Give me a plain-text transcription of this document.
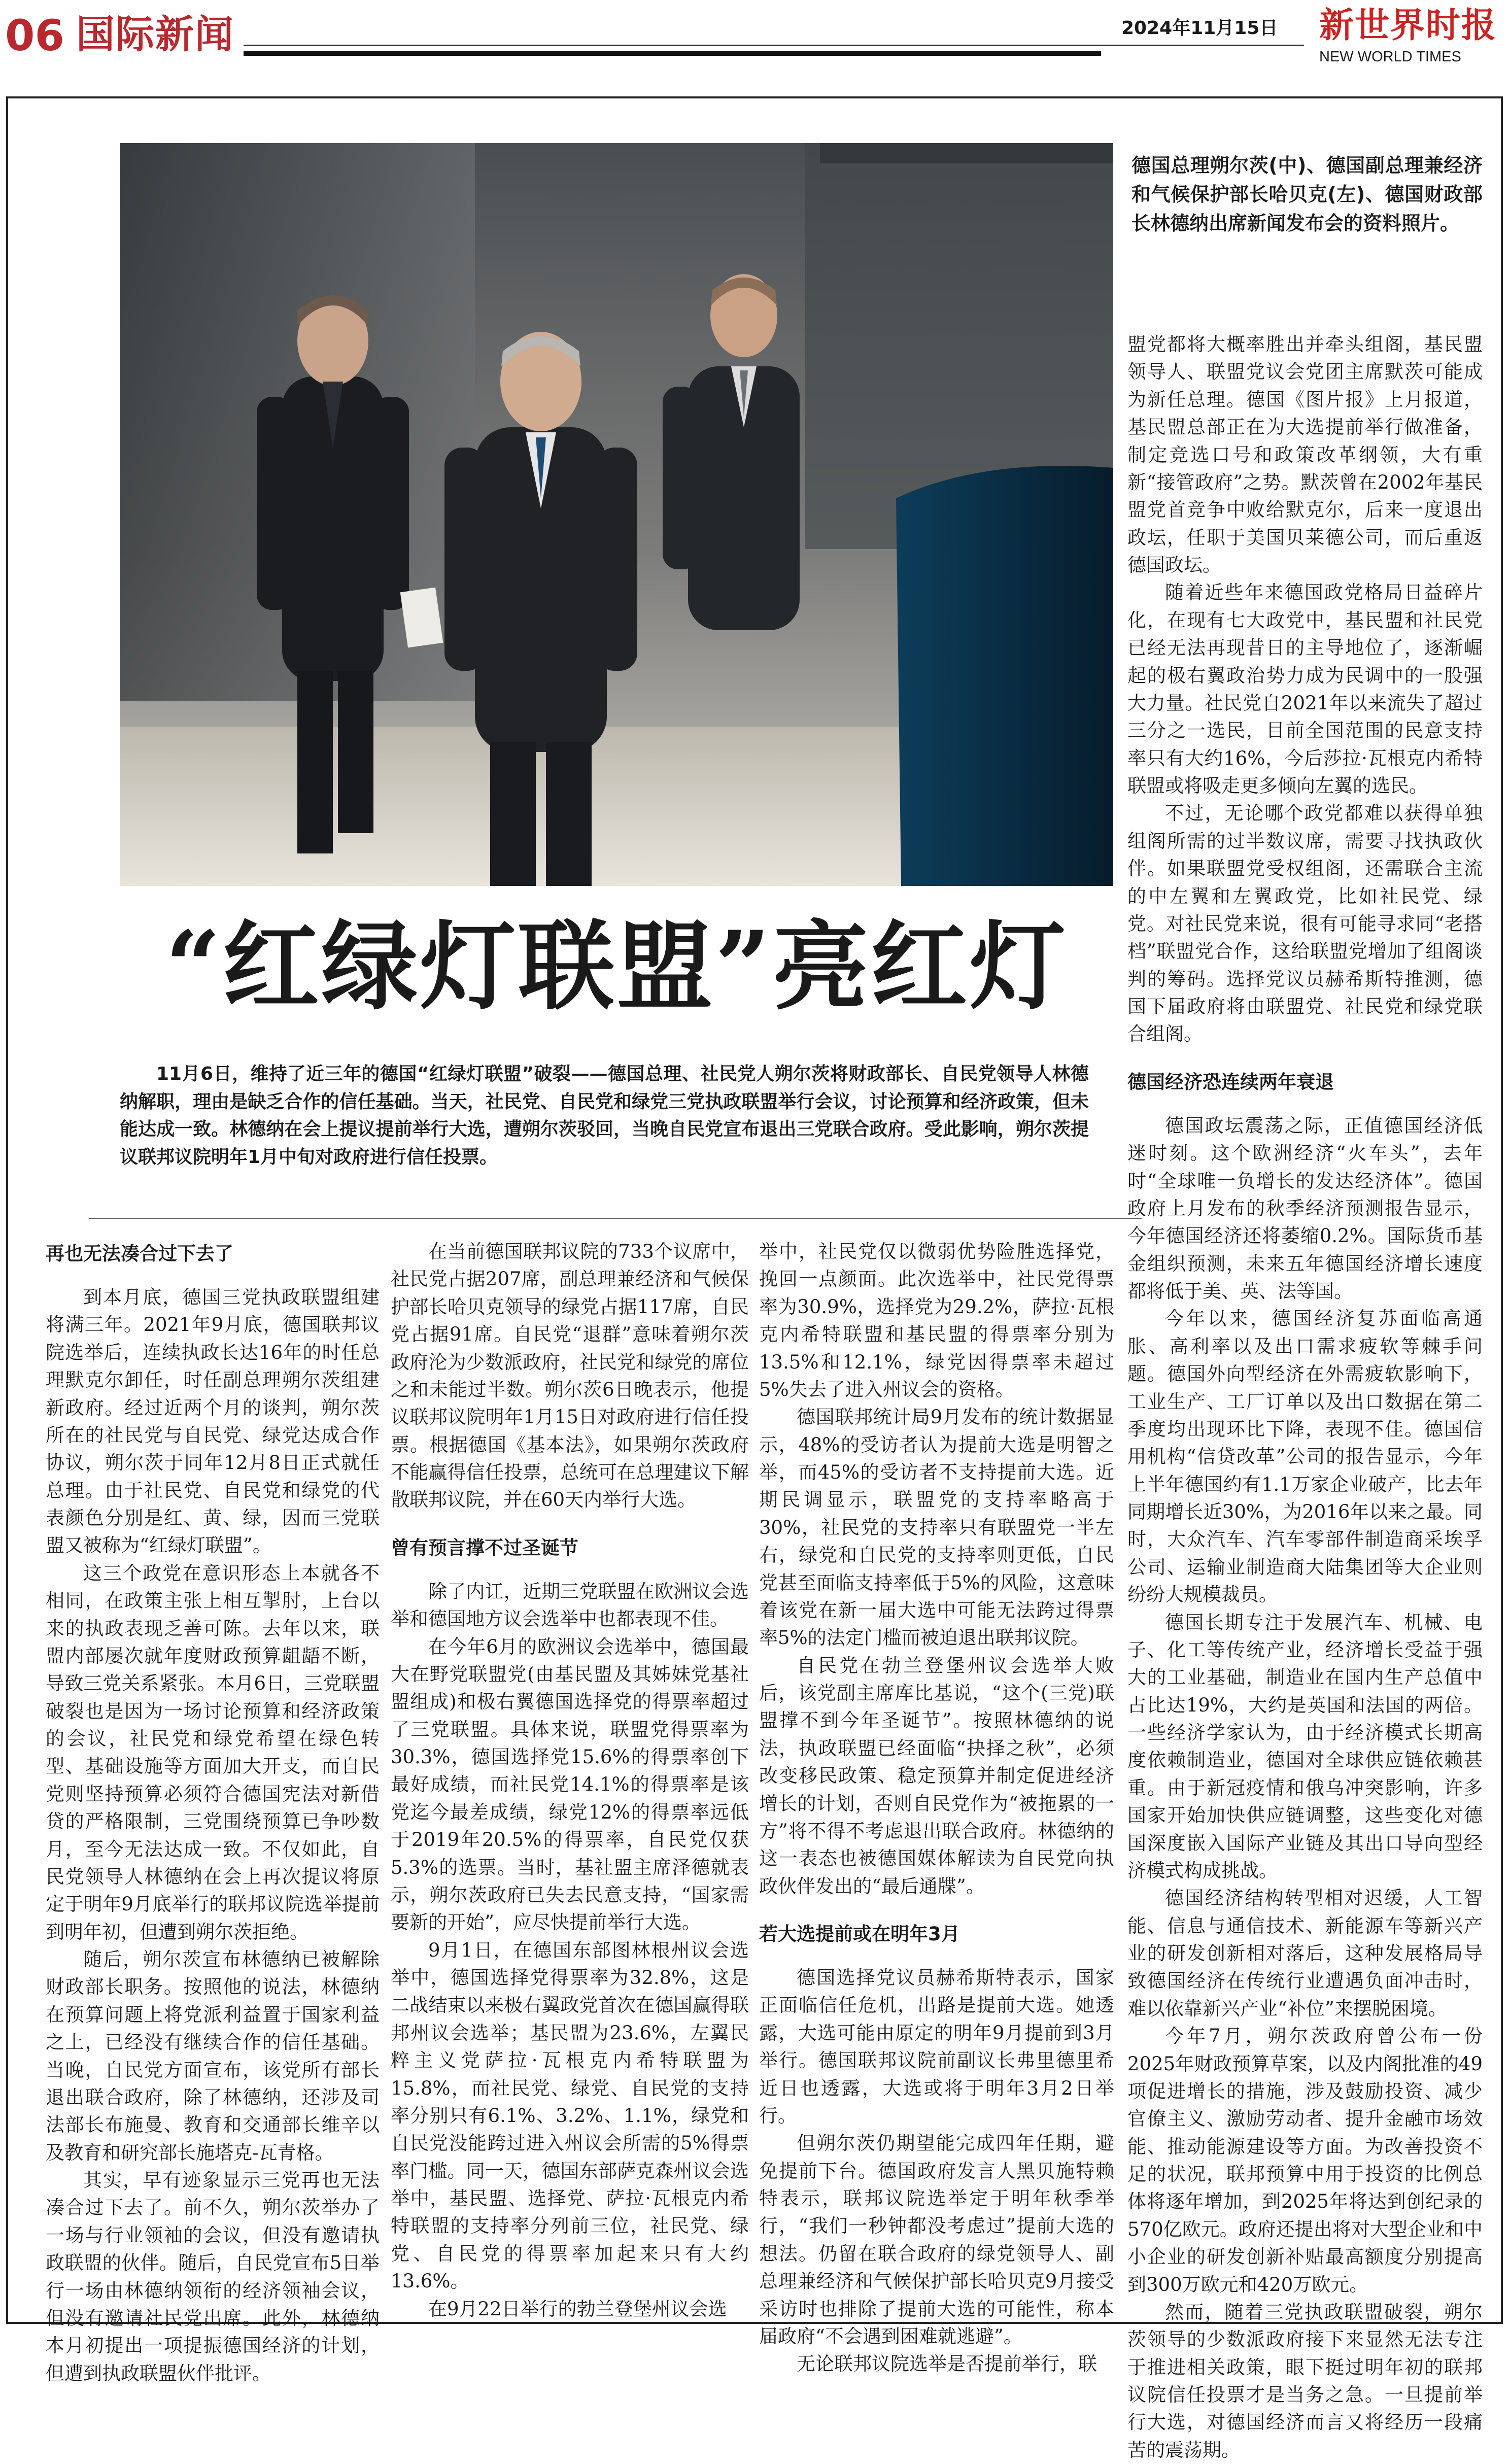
06 国际新闻	2024年11月15日 新世界时报
NEW WORLD TIMES
德国总理朔尔茨(中)、德国副总理兼经济和气候保护部长哈贝克(左)、德国财政部长林德纳出席新闻发布会的资料照片。
“红绿灯联盟”亮红灯
11月6日，维持了近三年的德国“红绿灯联盟”破裂——德国总理、社民党人朔尔茨将财政部长、自民党领导人林德纳解职，理由是缺乏合作的信任基础。当天，社民党、自民党和绿党三党执政联盟举行会议，讨论预算和经济政策，但未能达成一致。林德纳在会上提议提前举行大选，遭朔尔茨驳回，当晚自民党宣布退出三党联合政府。受此影响，朔尔茨提议联邦议院明年1月中旬对政府进行信任投票。
再也无法凑合过下去了

到本月底，德国三党执政联盟组建将满三年。2021年9月底，德国联邦议院选举后，连续执政长达16年的时任总理默克尔卸任，时任副总理朔尔茨组建新政府。经过近两个月的谈判，朔尔茨所在的社民党与自民党、绿党达成合作协议，朔尔茨于同年12月8日正式就任总理。由于社民党、自民党和绿党的代表颜色分别是红、黄、绿，因而三党联盟又被称为“红绿灯联盟”。

这三个政党在意识形态上本就各不相同，在政策主张上相互掣肘，上台以来的执政表现乏善可陈。去年以来，联盟内部屡次就年度财政预算龃龉不断，导致三党关系紧张。本月6日，三党联盟破裂也是因为一场讨论预算和经济政策的会议，社民党和绿党希望在绿色转型、基础设施等方面加大开支，而自民党则坚持预算必须符合德国宪法对新借贷的严格限制，三党围绕预算已争吵数月，至今无法达成一致。不仅如此，自民党领导人林德纳在会上再次提议将原定于明年9月底举行的联邦议院选举提前到明年初，但遭到朔尔茨拒绝。

随后，朔尔茨宣布林德纳已被解除财政部长职务。按照他的说法，林德纳在预算问题上将党派利益置于国家利益之上，已经没有继续合作的信任基础。当晚，自民党方面宣布，该党所有部长退出联合政府，除了林德纳，还涉及司法部长布施曼、教育和交通部长维辛以及教育和研究部长施塔克-瓦青格。

其实，早有迹象显示三党再也无法凑合过下去了。前不久，朔尔茨举办了一场与行业领袖的会议，但没有邀请执政联盟的伙伴。随后，自民党宣布5日举行一场由林德纳领衔的经济领袖会议，但没有邀请社民党出席。此外，林德纳本月初提出一项提振德国经济的计划，但遭到执政联盟伙伴批评。

在当前德国联邦议院的733个议席中，社民党占据207席，副总理兼经济和气候保护部长哈贝克领导的绿党占据117席，自民党占据91席。自民党“退群”意味着朔尔茨政府沦为少数派政府，社民党和绿党的席位之和未能过半数。朔尔茨6日晚表示，他提议联邦议院明年1月15日对政府进行信任投票。根据德国《基本法》，如果朔尔茨政府不能赢得信任投票，总统可在总理建议下解散联邦议院，并在60天内举行大选。

曾有预言撑不过圣诞节

除了内讧，近期三党联盟在欧洲议会选举和德国地方议会选举中也都表现不佳。

在今年6月的欧洲议会选举中，德国最大在野党联盟党(由基民盟及其姊妹党基社盟组成)和极右翼德国选择党的得票率超过了三党联盟。具体来说，联盟党得票率为30.3%，德国选择党15.6%的得票率创下最好成绩，而社民党14.1%的得票率是该党迄今最差成绩，绿党12%的得票率远低于2019年20.5%的得票率，自民党仅获5.3%的选票。当时，基社盟主席泽德就表示，朔尔茨政府已失去民意支持，“国家需要新的开始”，应尽快提前举行大选。

9月1日，在德国东部图林根州议会选举中，德国选择党得票率为32.8%，这是二战结束以来极右翼政党首次在德国赢得联邦州议会选举；基民盟为23.6%，左翼民粹主义党萨拉·瓦根克内希特联盟为15.8%，而社民党、绿党、自民党的支持率分别只有6.1%、3.2%、1.1%，绿党和自民党没能跨过进入州议会所需的5%得票率门槛。同一天，德国东部萨克森州议会选举中，基民盟、选择党、萨拉·瓦根克内希特联盟的支持率分列前三位，社民党、绿党、自民党的得票率加起来只有大约13.6%。

在9月22日举行的勃兰登堡州议会选

举中，社民党仅以微弱优势险胜选择党，挽回一点颜面。此次选举中，社民党得票率为30.9%，选择党为29.2%，萨拉·瓦根克内希特联盟和基民盟的得票率分别为13.5%和12.1%，绿党因得票率未超过5%失去了进入州议会的资格。

德国联邦统计局9月发布的统计数据显示，48%的受访者认为提前大选是明智之举，而45%的受访者不支持提前大选。近期民调显示，联盟党的支持率略高于30%，社民党的支持率只有联盟党一半左右，绿党和自民党的支持率则更低，自民党甚至面临支持率低于5%的风险，这意味着该党在新一届大选中可能无法跨过得票率5%的法定门槛而被迫退出联邦议院。

自民党在勃兰登堡州议会选举大败后，该党副主席库比基说，“这个(三党)联盟撑不到今年圣诞节”。按照林德纳的说法，执政联盟已经面临“抉择之秋”，必须改变移民政策、稳定预算并制定促进经济增长的计划，否则自民党作为“被拖累的一方”将不得不考虑退出联合政府。林德纳的这一表态也被德国媒体解读为自民党向执政伙伴发出的“最后通牒”。

若大选提前或在明年3月

德国选择党议员赫希斯特表示，国家正面临信任危机，出路是提前大选。她透露，大选可能由原定的明年9月提前到3月举行。德国联邦议院前副议长弗里德里希近日也透露，大选或将于明年3月2日举行。

但朔尔茨仍期望能完成四年任期，避免提前下台。德国政府发言人黑贝施特赖特表示，联邦议院选举定于明年秋季举行，“我们一秒钟都没考虑过”提前大选的想法。仍留在联合政府的绿党领导人、副总理兼经济和气候保护部长哈贝克9月接受采访时也排除了提前大选的可能性，称本届政府“不会遇到困难就逃避”。

无论联邦议院选举是否提前举行，联

盟党都将大概率胜出并牵头组阁，基民盟领导人、联盟党议会党团主席默茨可能成为新任总理。德国《图片报》上月报道，基民盟总部正在为大选提前举行做准备，制定竞选口号和政策改革纲领，大有重新“接管政府”之势。默茨曾在2002年基民盟党首竞争中败给默克尔，后来一度退出政坛，任职于美国贝莱德公司，而后重返德国政坛。

随着近些年来德国政党格局日益碎片化，在现有七大政党中，基民盟和社民党已经无法再现昔日的主导地位了，逐渐崛起的极右翼政治势力成为民调中的一股强大力量。社民党自2021年以来流失了超过三分之一选民，目前全国范围的民意支持率只有大约16%，今后莎拉·瓦根克内希特联盟或将吸走更多倾向左翼的选民。

不过，无论哪个政党都难以获得单独组阁所需的过半数议席，需要寻找执政伙伴。如果联盟党受权组阁，还需联合主流的中左翼和左翼政党，比如社民党、绿党。对社民党来说，很有可能寻求同“老搭档”联盟党合作，这给联盟党增加了组阁谈判的筹码。选择党议员赫希斯特推测，德国下届政府将由联盟党、社民党和绿党联合组阁。

德国经济恐连续两年衰退

德国政坛震荡之际，正值德国经济低迷时刻。这个欧洲经济“火车头”，去年时“全球唯一负增长的发达经济体”。德国政府上月发布的秋季经济预测报告显示，今年德国经济还将萎缩0.2%。国际货币基金组织预测，未来五年德国经济增长速度都将低于美、英、法等国。

今年以来，德国经济复苏面临高通胀、高利率以及出口需求疲软等棘手问题。德国外向型经济在外需疲软影响下，工业生产、工厂订单以及出口数据在第二季度均出现环比下降，表现不佳。德国信用机构“信贷改革”公司的报告显示，今年上半年德国约有1.1万家企业破产，比去年同期增长近30%，为2016年以来之最。同时，大众汽车、汽车零部件制造商采埃孚公司、运输业制造商大陆集团等大企业则纷纷大规模裁员。

德国长期专注于发展汽车、机械、电子、化工等传统产业，经济增长受益于强大的工业基础，制造业在国内生产总值中占比达19%，大约是英国和法国的两倍。一些经济学家认为，由于经济模式长期高度依赖制造业，德国对全球供应链依赖甚重。由于新冠疫情和俄乌冲突影响，许多国家开始加快供应链调整，这些变化对德国深度嵌入国际产业链及其出口导向型经济模式构成挑战。

德国经济结构转型相对迟缓，人工智能、信息与通信技术、新能源车等新兴产业的研发创新相对落后，这种发展格局导致德国经济在传统行业遭遇负面冲击时，难以依靠新兴产业“补位”来摆脱困境。

今年7月，朔尔茨政府曾公布一份2025年财政预算草案，以及内阁批准的49项促进增长的措施，涉及鼓励投资、减少官僚主义、激励劳动者、提升金融市场效能、推动能源建设等方面。为改善投资不足的状况，联邦预算中用于投资的比例总体将逐年增加，到2025年将达到创纪录的570亿欧元。政府还提出将对大型企业和中小企业的研发创新补贴最高额度分别提高到300万欧元和420万欧元。

然而，随着三党执政联盟破裂，朔尔茨领导的少数派政府接下来显然无法专注于推进相关政策，眼下挺过明年初的联邦议院信任投票才是当务之急。一旦提前举行大选，对德国经济而言又将经历一段痛苦的震荡期。
